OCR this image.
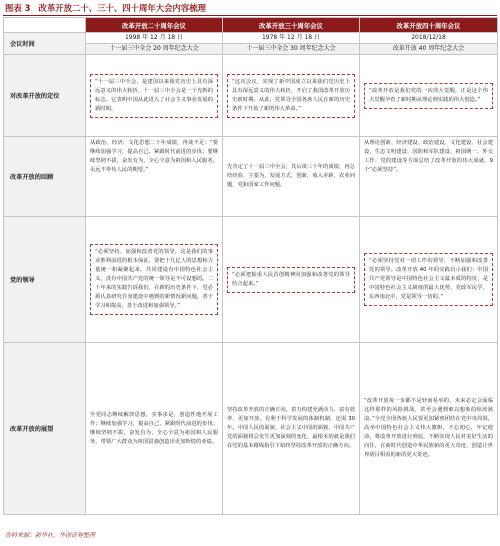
图表 3 改革开放二十、三十、四十周年大会内容梳理
	改革开放二十周年会议	改革开放三十周年会议	改革开放四十周年会议
会议时间	1998 年 12 月 18 日	1978 年 12 月 18 日	2018/12/18
	十一届三中全会 20 周年纪念大会	十一届三中全会 30 周年纪念大会	改革开放 40 周年纪念大会
对改革开放的定位	“十一届三中全会，是建国以来我党历史上具有深远意义的伟大转折，十一届三中全会是一个光辉的标志，它表明中国从此进入了社会主义事业发展的新时期。	“这次会议，实现了新中国成立以来我们党历史上具有深远意义的伟大转折，开启了我国改革开放历史新时期。从此，党领导全国各族人民在新的历史条件下开始了新的伟大革命。”	“改革开放是我们党的一次伟大觉醒，正是这个伟大觉醒孕育了新时期从理论到实践的伟大创造。”

改革开放的回顾	从政治、经济、文化思想二十年成绩，再谈不足：“要继续加强学习，提高自己，紧跟时代前进的步伐；要继续坚韧不拔，奋发有为，全心全意为祖国和人民服务，永远不辜负人民的期望。”	先肯定了十一届三中全会，其后谈三十年的成绩，再总结经验，主要为，发展方式，创新，收入差距、农业问题、党和国家工作问题。	从理论创新、经济建设、政治建设、文化建设、社会建设、生态文明建设、国防和军队建设、祖国统一、外交工作、党的建设等方面总结了改革开放的伟大成就，9个“必须坚持”。
党的领导	“必须坚持、加强和改善党的领导。这是我们的事业胜利前进的根本保证，要把十几亿人的思想和力量统一和凝聚起来，共同建设有中国特色社会主义，没有中国共产党的统一领导是不可设想的。二十年来的实践告诉我们，在新的历史条件下，党必须认真研究自身建设中遇到的新情况新问题，善于学习和提高，善于改进和加强领导。”	“必须把握重人民首创精神同加强和改善党的领导结合起来。”	“必须坚持党对一切工作的领导，不断加强和改善党的领导。改革开放 40 年的实践启示我们：中国共产党领导是中国特色社会主义最本质的特征，是中国特色社会主义制度的最大优势，党政军民学，东西南北中，党是领导一切的。”

改革开放的展望	全党同志继续解放思想，实事求是，创造性地开展工作；继续加强学习，提高自己，紧跟时代前进的步伐；继续坚韧不拔，奋发有为，全心全意为祖国和人民服务，带领广大群众为祖国富强创造出更加辉煌的业绩。	坚持改革开放的正确方向，着力构建充满活力、富有效率、更加开放、有利于科学发展的体制机制，还需 30 年。中国人民的面貌、社会主义中国的面貌、中国共产党的面貌将会发生更加深刻的变化，最根本的就是我们在党的基本路线指引下始终坚持改革开放的正确方向。	“改革开放每一步都不是轻而易举的，未来必定会面临这样那样的风险挑战，甚至会遇到难以想象的惊涛骇浪。”全党全国各族人民要更加紧密团结在党中央周围，高举中国特色社会主义伟大旗帜，不忘初心，牢记使命，将改革开放进行到底，不断实现人民对美好生活的向往，在新时代创造中华民族新的更大奇迹，创造让世界刮目相看的新的更大奇迹。
资料来源：新华社，华创证券整理
